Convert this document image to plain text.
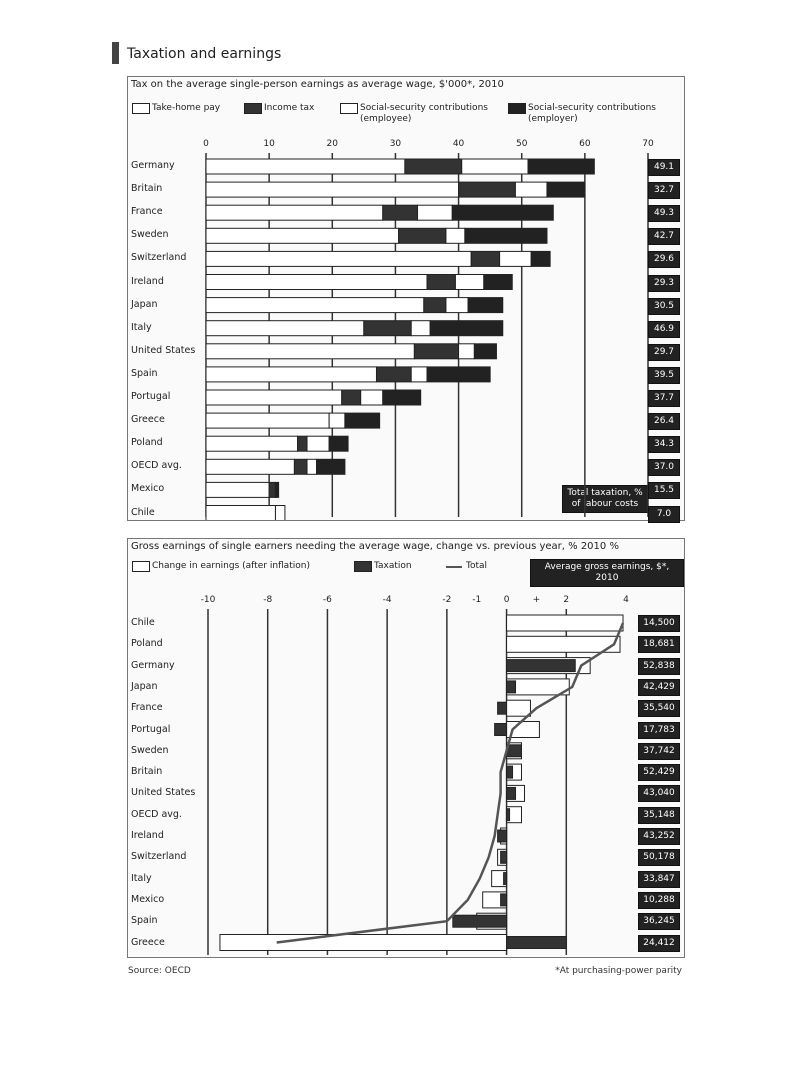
Taxation and earnings
Tax on the average single-person earnings as average wage, $'000*, 2010
Take-home pay	Income tax	Social-security contributions (employee)
Social-security contributions (employer)
Total taxation, % of labour costs
0	10	20	30	40	50	60	70
Germany	49.1
Britain	32.7
France	49.3
Sweden	42.7
Switzerland	29.6
Ireland	29.3
Japan	30.5
Italy	46.9
United States	29.7
Spain	39.5
Portugal	37.7
Greece	26.4
Poland	34.3
OECD avg.	37.0
Mexico	15.5
Chile	7.0
Gross earnings of single earners needing the average wage, change vs. previous year, % 2010 %
Change in earnings (after inflation)	Taxation	Total	Average gross earnings, $*, 2010
-10	-8	-6	-4	-2 -1	0	+	2	4
Chile	14,500
Poland	18,681
Germany	52,838
Japan	42,429
France	35,540
Portugal	17,783
Sweden	37,742
Britain	52,429
United States	43,040
OECD avg.	35,148
Ireland	43,252
Switzerland	50,178
Italy	33,847
Mexico	10,288
Spain	36,245
Greece	24,412
Source: OECD	*At purchasing-power parity
